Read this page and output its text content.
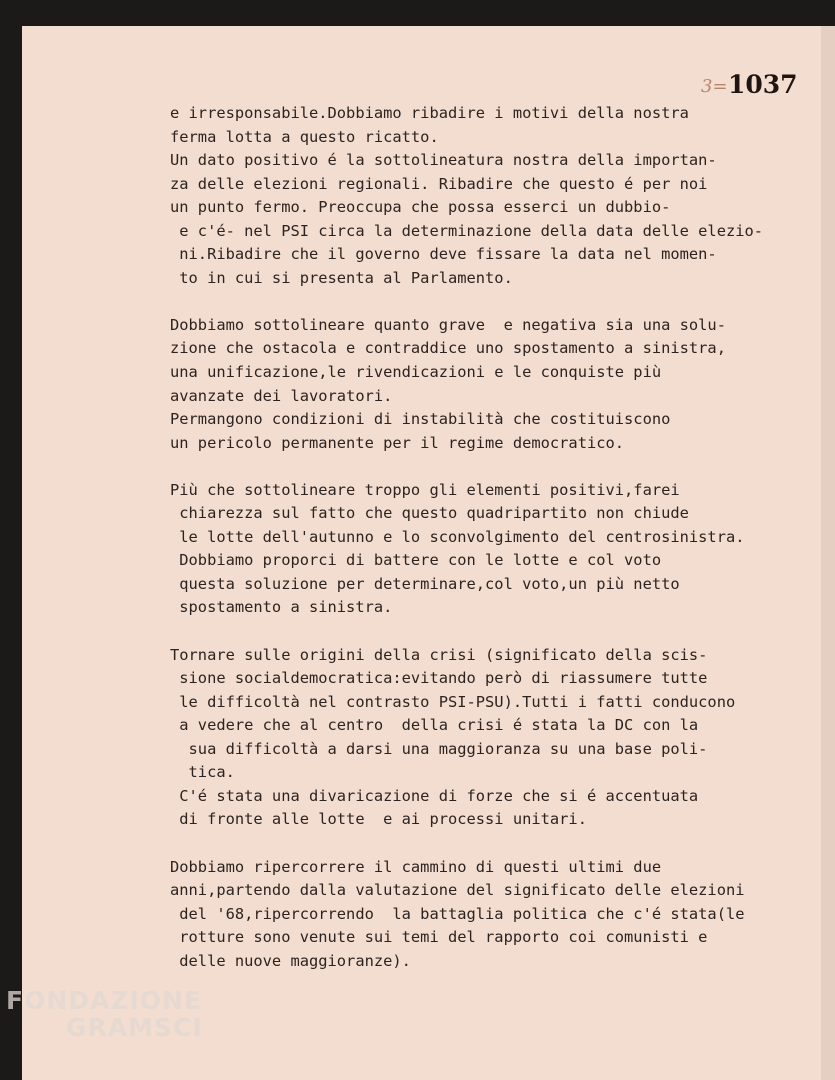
3= 1037
e irresponsabile.Dobbiamo ribadire i motivi della nostra
ferma lotta a questo ricatto.
Un dato positivo é la sottolineatura nostra della importan-
za delle elezioni regionali. Ribadire che questo é per noi
un punto fermo. Preoccupa che possa esserci un dubbio-
e c'é- nel PSI circa la determinazione della data delle elezio-
ni.Ribadire che il governo deve fissare la data nel momen-
to in cui si presenta al Parlamento.
Dobbiamo sottolineare quanto grave  e negativa sia una solu-
zione che ostacola e contraddice uno spostamento a sinistra,
una unificazione,le rivendicazioni e le conquiste più
avanzate dei lavoratori.
Permangono condizioni di instabilità che costituiscono
un pericolo permanente per il regime democratico.
Più che sottolineare troppo gli elementi positivi,farei
chiarezza sul fatto che questo quadripartito non chiude
le lotte dell'autunno e lo sconvolgimento del centrosinistra.
Dobbiamo proporci di battere con le lotte e col voto
questa soluzione per determinare,col voto,un più netto
spostamento a sinistra.
Tornare sulle origini della crisi (significato della scis-
sione socialdemocratica:evitando però di riassumere tutte
le difficoltà nel contrasto PSI-PSU).Tutti i fatti conducono
a vedere che al centro  della crisi é stata la DC con la
sua difficoltà a darsi una maggioranza su una base poli-
tica.
C'é stata una divaricazione di forze che si é accentuata
di fronte alle lotte  e ai processi unitari.
Dobbiamo ripercorrere il cammino di questi ultimi due
anni,partendo dalla valutazione del significato delle elezioni
del '68,ripercorrendo  la battaglia politica che c'é stata(le
rotture sono venute sui temi del rapporto coi comunisti e
delle nuove maggioranze).
FONDAZIONE
GRAMSCI
